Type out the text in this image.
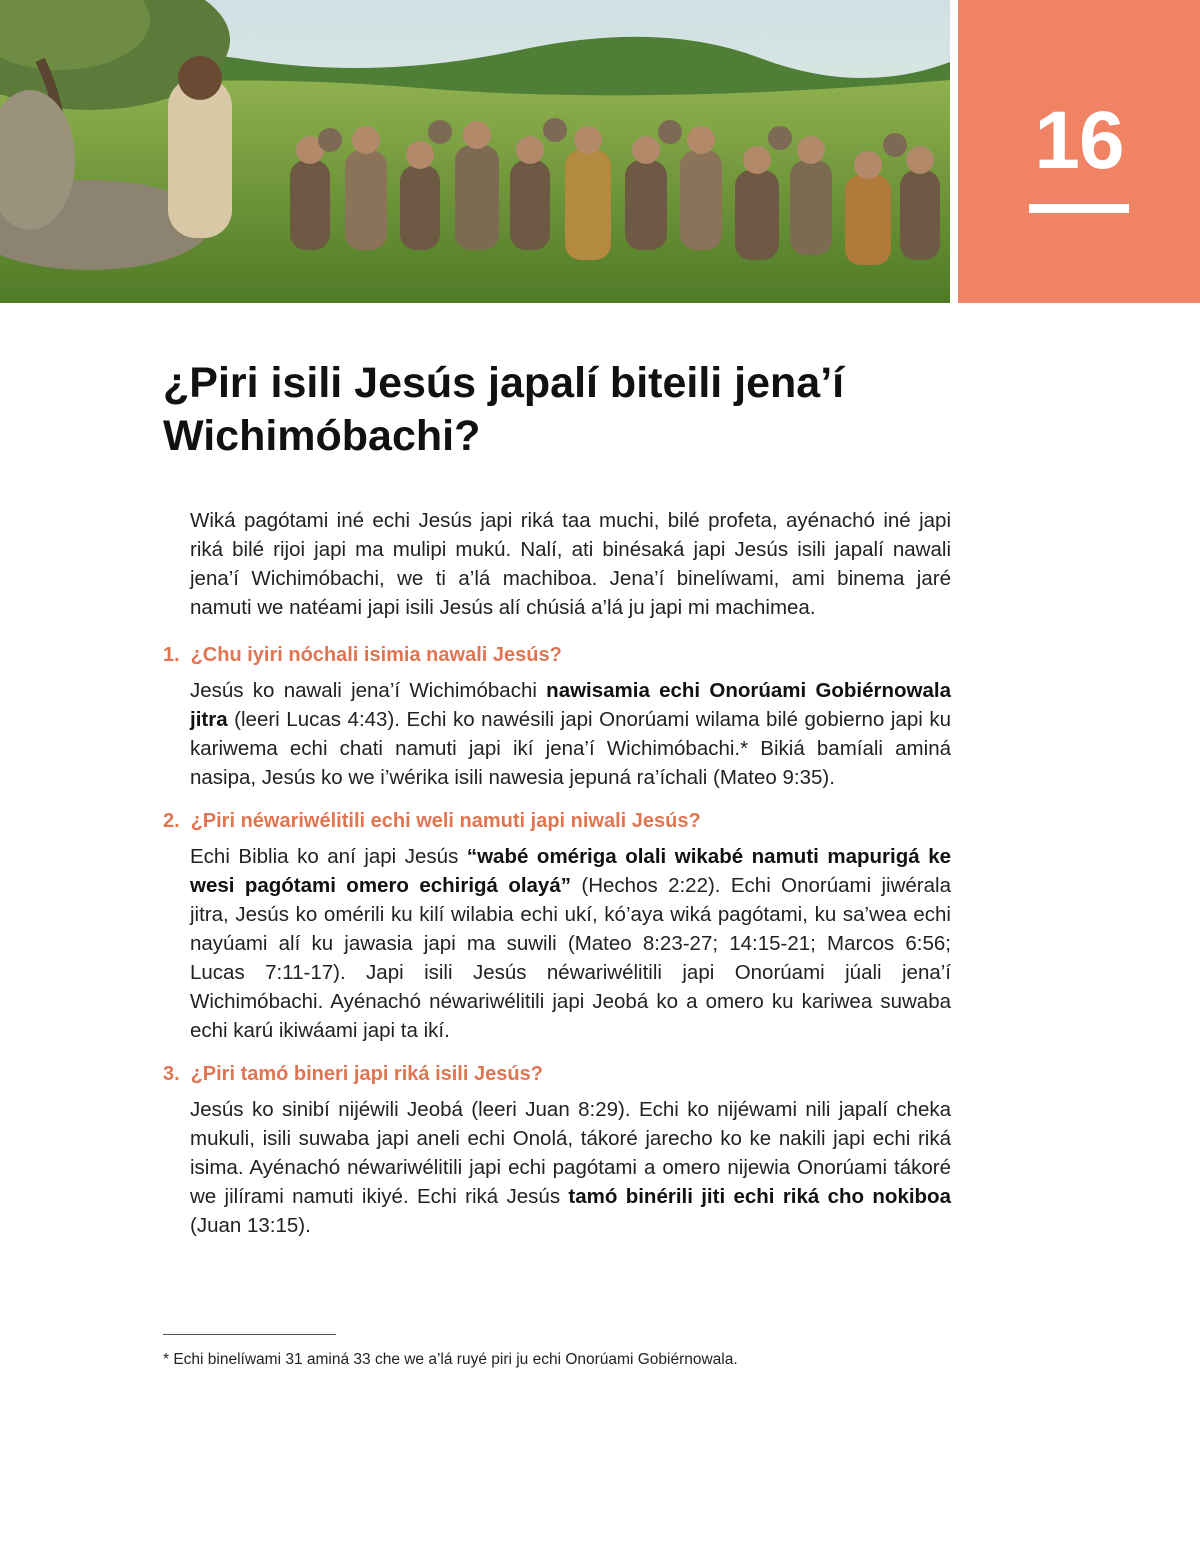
16
¿Piri isili Jesús japalí biteili jena’í Wichimóbachi?

Wiká pagótami iné echi Jesús japi riká taa muchi, bilé profeta, ayénachó iné japi riká bilé rijoi japi ma mulipi mukú. Nalí, ati binésaká japi Jesús isili japalí nawali jena’í Wichimóbachi, we ti a’lá machiboa. Jena’í binelíwami, ami binema jaré namuti we natéami japi isili Jesús alí chúsiá a’lá ju japi mi machimea.

1. ¿Chu iyiri nóchali isimia nawali Jesús?

Jesús ko nawali jena’í Wichimóbachi nawisamia echi Onorúami Gobiérnowala jitra (leeri Lucas 4:43). Echi ko nawésili japi Onorúami wilama bilé gobierno japi ku kariwema echi chati namuti japi ikí jena’í Wichimóbachi.* Bikiá bamíali aminá nasipa, Jesús ko we i’wérika isili nawesia jepuná ra’íchali (Mateo 9:35).

2. ¿Piri néwariwélitili echi weli namuti japi niwali Jesús?

Echi Biblia ko aní japi Jesús “wabé omériga olali wikabé namuti mapurigá ke wesi pagótami omero echirigá olayá” (Hechos 2:22). Echi Onorúami jiwérala jitra, Jesús ko omérili ku kilí wilabia echi ukí, kó’aya wiká pagótami, ku sa’wea echi nayúami alí ku jawasia japi ma suwili (Mateo 8:23-27; 14:15-21; Marcos 6:56; Lucas 7:11-17). Japi isili Jesús néwariwélitili japi Onorúami júali jena’í Wichimóbachi. Ayénachó néwariwélitili japi Jeobá ko a omero ku kariwea suwaba echi karú ikiwáami japi ta ikí.

3. ¿Piri tamó bineri japi riká isili Jesús?

Jesús ko sinibí nijéwili Jeobá (leeri Juan 8:29). Echi ko nijéwami nili japalí cheka mukuli, isili suwaba japi aneli echi Onolá, tákoré jarecho ko ke nakili japi echi riká isima. Ayénachó néwariwélitili japi echi pagótami a omero nijewia Onorúami tákoré we jilírami namuti ikiyé. Echi riká Jesús tamó binérili jiti echi riká cho nokiboa (Juan 13:15).

* Echi binelíwami 31 aminá 33 che we a’lá ruyé piri ju echi Onorúami Gobiérnowala.
